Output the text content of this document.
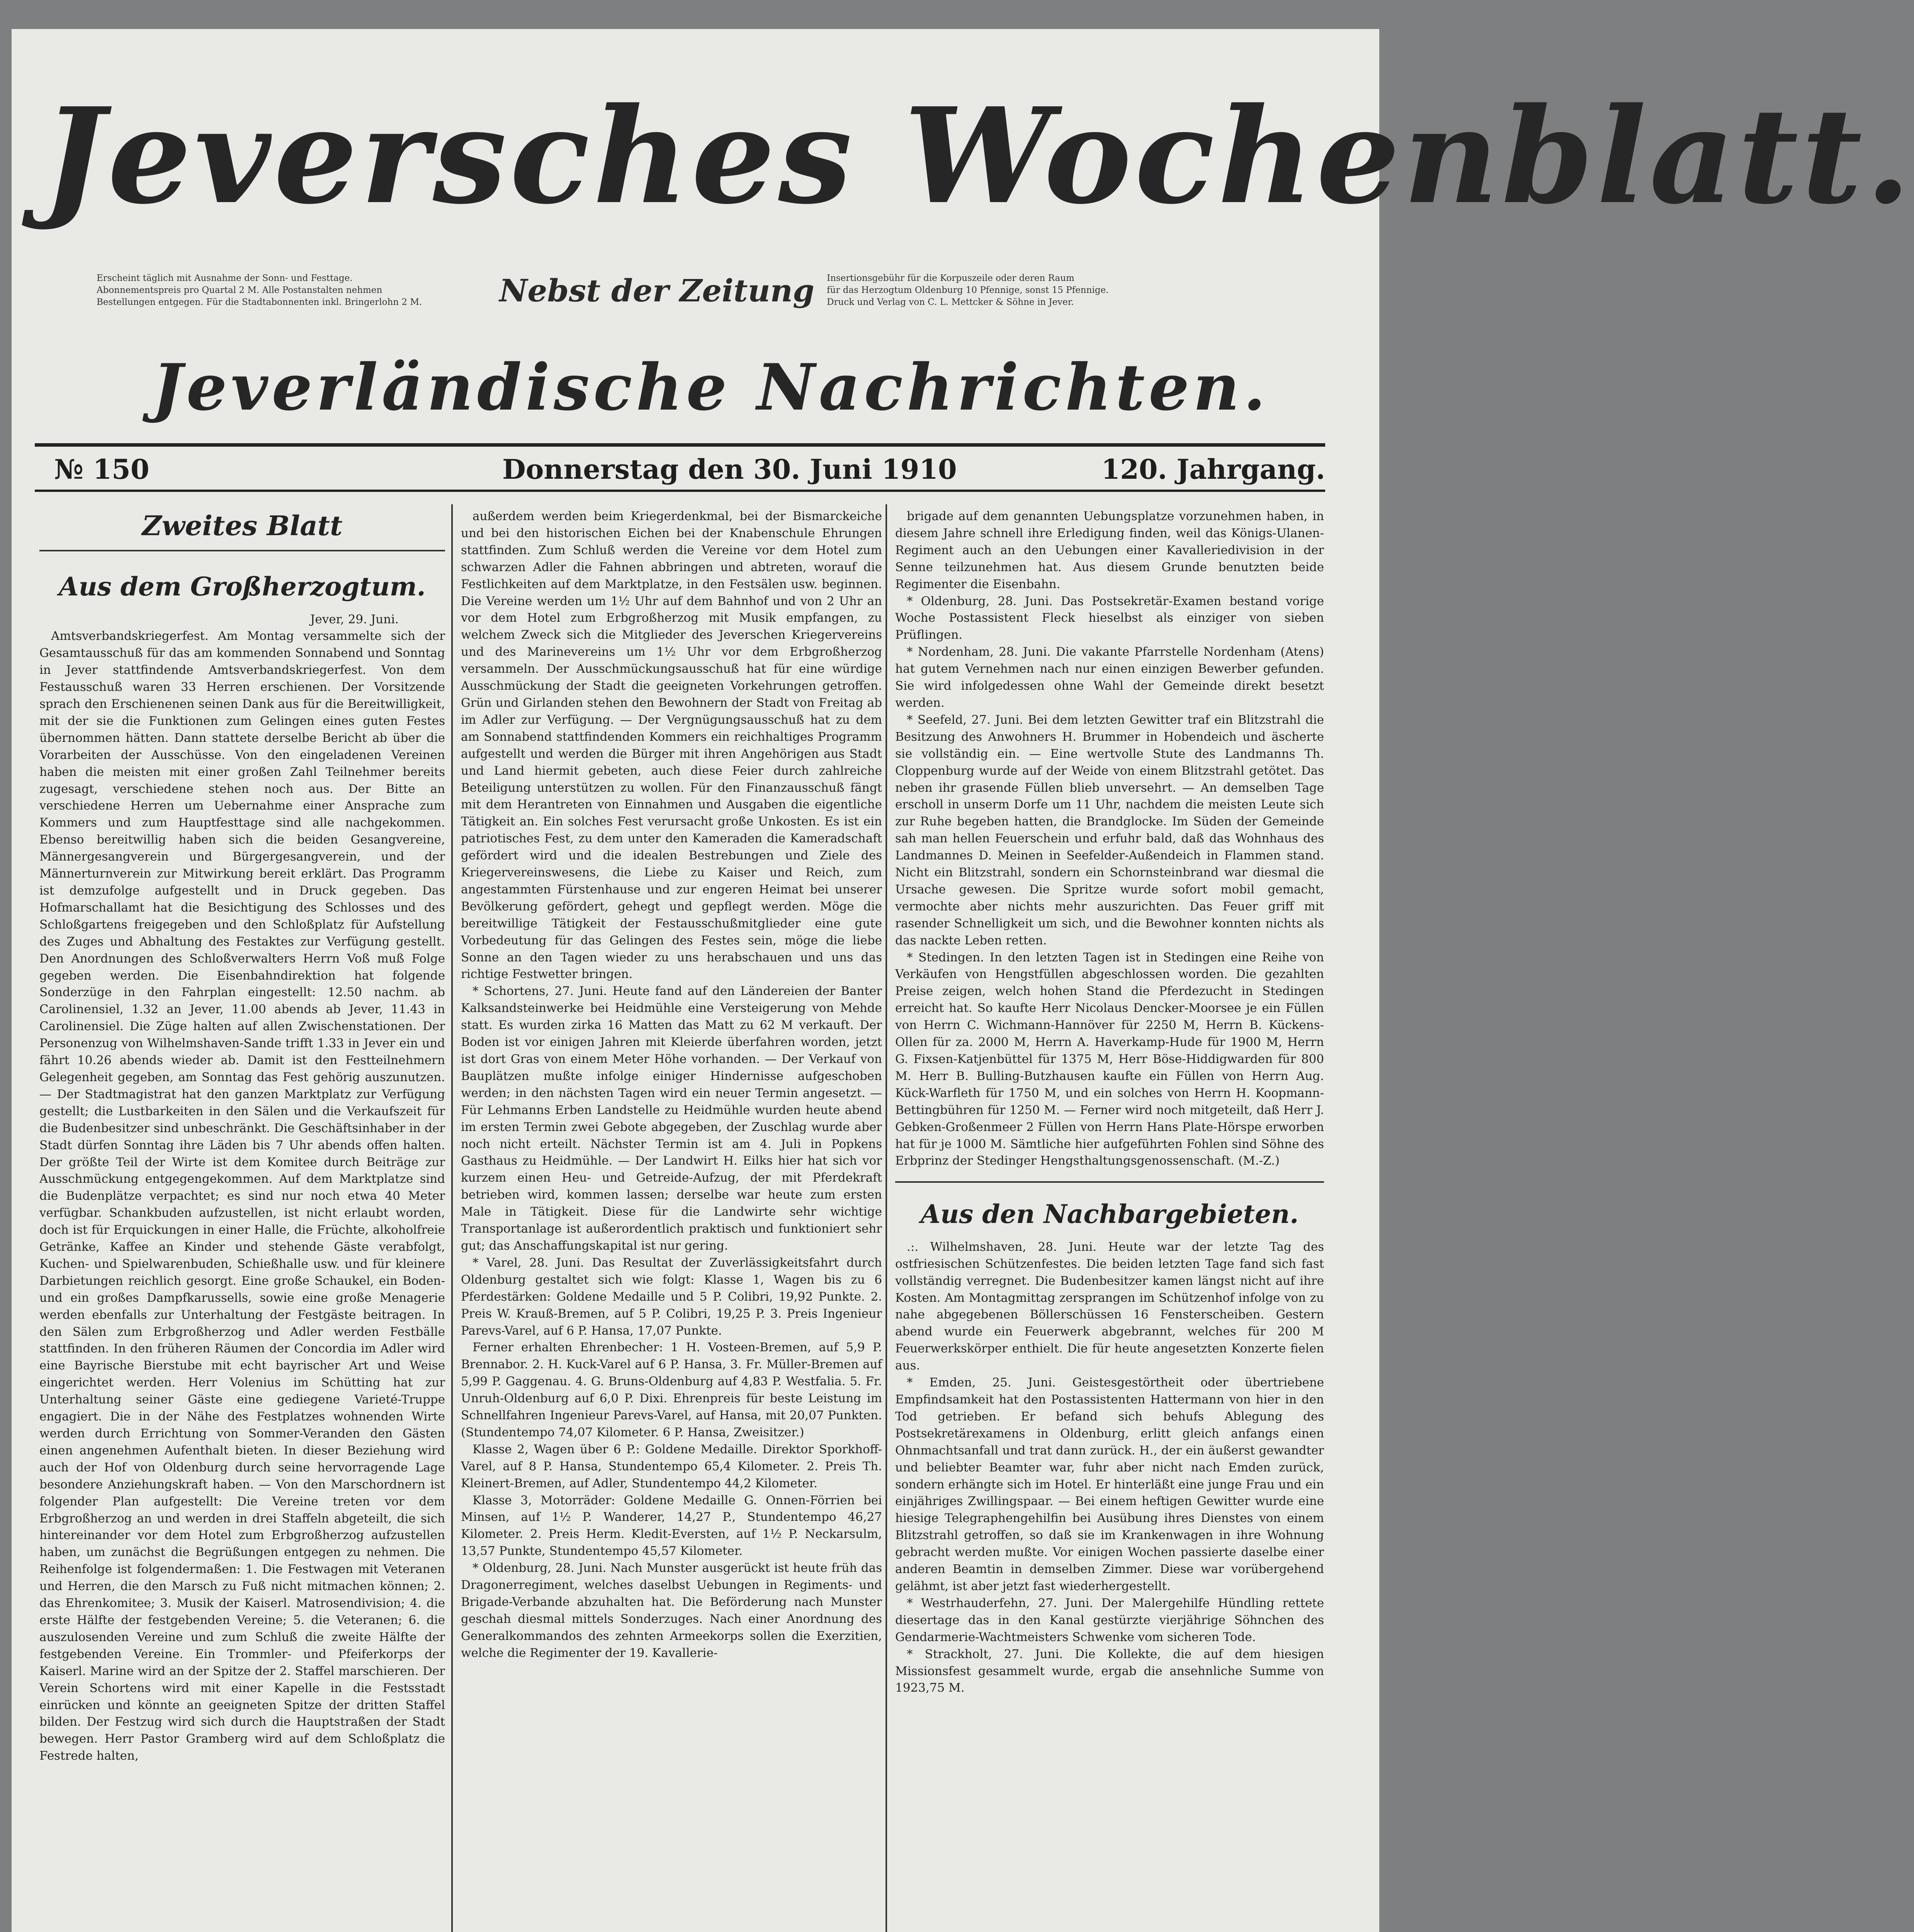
Jeversches Wochenblatt.
Erscheint täglich mit Ausnahme der Sonn- und Festtage.
Abonnementspreis pro Quartal 2 M. Alle Postanstalten nehmen
Bestellungen entgegen. Für die Stadtabonnenten inkl. Bringerlohn 2 M.	Nebst der Zeitung Insertionsgebühr für die Korpuszeile oder deren Raum
für das Herzogtum Oldenburg 10 Pfennige, sonst 15 Pfennige.
Druck und Verlag von C. L. Mettcker & Söhne in Jever.
Jeverländische Nachrichten.
№ 150	Donnerstag den 30. Juni 1910	120. Jahrgang.
Zweites Blatt
Aus dem Großherzogtum.

Jever, 29. Juni.

Amtsverbandskriegerfest. Am Montag versammelte sich der Gesamtausschuß für das am kommenden Sonnabend und Sonntag in Jever stattfindende Amtsverbandskriegerfest. Von dem Festausschuß waren 33 Herren erschienen. Der Vorsitzende sprach den Erschienenen seinen Dank aus für die Bereitwilligkeit, mit der sie die Funktionen zum Gelingen eines guten Festes übernommen hätten. Dann stattete derselbe Bericht ab über die Vorarbeiten der Ausschüsse. Von den eingeladenen Vereinen haben die meisten mit einer großen Zahl Teilnehmer bereits zugesagt, verschiedene stehen noch aus. Der Bitte an verschiedene Herren um Uebernahme einer Ansprache zum Kommers und zum Hauptfesttage sind alle nachgekommen. Ebenso bereitwillig haben sich die beiden Gesangvereine, Männergesangverein und Bürgergesangverein, und der Männerturnverein zur Mitwirkung bereit erklärt. Das Programm ist demzufolge aufgestellt und in Druck gegeben. Das Hofmarschallamt hat die Besichtigung des Schlosses und des Schloßgartens freigegeben und den Schloßplatz für Aufstellung des Zuges und Abhaltung des Festaktes zur Verfügung gestellt. Den Anordnungen des Schloßverwalters Herrn Voß muß Folge gegeben werden. Die Eisenbahndirektion hat folgende Sonderzüge in den Fahrplan eingestellt: 12.50 nachm. ab Carolinensiel, 1.32 an Jever, 11.00 abends ab Jever, 11.43 in Carolinensiel. Die Züge halten auf allen Zwischenstationen. Der Personenzug von Wilhelmshaven-Sande trifft 1.33 in Jever ein und fährt 10.26 abends wieder ab. Damit ist den Festteilnehmern Gelegenheit gegeben, am Sonntag das Fest gehörig auszunutzen. — Der Stadtmagistrat hat den ganzen Marktplatz zur Verfügung gestellt; die Lustbarkeiten in den Sälen und die Verkaufszeit für die Budenbesitzer sind unbeschränkt. Die Geschäftsinhaber in der Stadt dürfen Sonntag ihre Läden bis 7 Uhr abends offen halten. Der größte Teil der Wirte ist dem Komitee durch Beiträge zur Ausschmückung entgegengekommen. Auf dem Marktplatze sind die Budenplätze verpachtet; es sind nur noch etwa 40 Meter verfügbar. Schankbuden aufzustellen, ist nicht erlaubt worden, doch ist für Erquickungen in einer Halle, die Früchte, alkoholfreie Getränke, Kaffee an Kinder und stehende Gäste verabfolgt, Kuchen- und Spielwarenbuden, Schießhalle usw. und für kleinere Darbietungen reichlich gesorgt. Eine große Schaukel, ein Boden- und ein großes Dampfkarussells, sowie eine große Menagerie werden ebenfalls zur Unterhaltung der Festgäste beitragen. In den Sälen zum Erbgroßherzog und Adler werden Festbälle stattfinden. In den früheren Räumen der Concordia im Adler wird eine Bayrische Bierstube mit echt bayrischer Art und Weise eingerichtet werden. Herr Volenius im Schütting hat zur Unterhaltung seiner Gäste eine gediegene Varieté-Truppe engagiert. Die in der Nähe des Festplatzes wohnenden Wirte werden durch Errichtung von Sommer-Veranden den Gästen einen angenehmen Aufenthalt bieten. In dieser Beziehung wird auch der Hof von Oldenburg durch seine hervorragende Lage besondere Anziehungskraft haben. — Von den Marschordnern ist folgender Plan aufgestellt: Die Vereine treten vor dem Erbgroßherzog an und werden in drei Staffeln abgeteilt, die sich hintereinander vor dem Hotel zum Erbgroßherzog aufzustellen haben, um zunächst die Begrüßungen entgegen zu nehmen. Die Reihenfolge ist folgendermaßen: 1. Die Festwagen mit Veteranen und Herren, die den Marsch zu Fuß nicht mitmachen können; 2. das Ehrenkomitee; 3. Musik der Kaiserl. Matrosendivision; 4. die erste Hälfte der festgebenden Vereine; 5. die Veteranen; 6. die auszulosenden Vereine und zum Schluß die zweite Hälfte der festgebenden Vereine. Ein Trommler- und Pfeiferkorps der Kaiserl. Marine wird an der Spitze der 2. Staffel marschieren. Der Verein Schortens wird mit einer Kapelle in die Festsstadt einrücken und könnte an geeigneten Spitze der dritten Staffel bilden. Der Festzug wird sich durch die Hauptstraßen der Stadt bewegen. Herr Pastor Gramberg wird auf dem Schloßplatz die Festrede halten,

außerdem werden beim Kriegerdenkmal, bei der Bismarckeiche und bei den historischen Eichen bei der Knabenschule Ehrungen stattfinden. Zum Schluß werden die Vereine vor dem Hotel zum schwarzen Adler die Fahnen abbringen und abtreten, worauf die Festlichkeiten auf dem Marktplatze, in den Festsälen usw. beginnen. Die Vereine werden um 1½ Uhr auf dem Bahnhof und von 2 Uhr an vor dem Hotel zum Erbgroßherzog mit Musik empfangen, zu welchem Zweck sich die Mitglieder des Jeverschen Kriegervereins und des Marinevereins um 1½ Uhr vor dem Erbgroßherzog versammeln. Der Ausschmückungsausschuß hat für eine würdige Ausschmückung der Stadt die geeigneten Vorkehrungen getroffen. Grün und Girlanden stehen den Bewohnern der Stadt von Freitag ab im Adler zur Verfügung. — Der Vergnügungsausschuß hat zu dem am Sonnabend stattfindenden Kommers ein reichhaltiges Programm aufgestellt und werden die Bürger mit ihren Angehörigen aus Stadt und Land hiermit gebeten, auch diese Feier durch zahlreiche Beteiligung unterstützen zu wollen. Für den Finanzausschuß fängt mit dem Herantreten von Einnahmen und Ausgaben die eigentliche Tätigkeit an. Ein solches Fest verursacht große Unkosten. Es ist ein patriotisches Fest, zu dem unter den Kameraden die Kameradschaft gefördert wird und die idealen Bestrebungen und Ziele des Kriegervereinswesens, die Liebe zu Kaiser und Reich, zum angestammten Fürstenhause und zur engeren Heimat bei unserer Bevölkerung gefördert, gehegt und gepflegt werden. Möge die bereitwillige Tätigkeit der Festausschußmitglieder eine gute Vorbedeutung für das Gelingen des Festes sein, möge die liebe Sonne an den Tagen wieder zu uns herabschauen und uns das richtige Festwetter bringen.

* Schortens, 27. Juni. Heute fand auf den Ländereien der Banter Kalksandsteinwerke bei Heidmühle eine Versteigerung von Mehde statt. Es wurden zirka 16 Matten das Matt zu 62 M verkauft. Der Boden ist vor einigen Jahren mit Kleierde überfahren worden, jetzt ist dort Gras von einem Meter Höhe vorhanden. — Der Verkauf von Bauplätzen mußte infolge einiger Hindernisse aufgeschoben werden; in den nächsten Tagen wird ein neuer Termin angesetzt. — Für Lehmanns Erben Landstelle zu Heidmühle wurden heute abend im ersten Termin zwei Gebote abgegeben, der Zuschlag wurde aber noch nicht erteilt. Nächster Termin ist am 4. Juli in Popkens Gasthaus zu Heidmühle. — Der Landwirt H. Eilks hier hat sich vor kurzem einen Heu- und Getreide-Aufzug, der mit Pferdekraft betrieben wird, kommen lassen; derselbe war heute zum ersten Male in Tätigkeit. Diese für die Landwirte sehr wichtige Transportanlage ist außerordentlich praktisch und funktioniert sehr gut; das Anschaffungskapital ist nur gering.

* Varel, 28. Juni. Das Resultat der Zuverlässigkeitsfahrt durch Oldenburg gestaltet sich wie folgt: Klasse 1, Wagen bis zu 6 Pferdestärken: Goldene Medaille und 5 P. Colibri, 19,92 Punkte. 2. Preis W. Krauß-Bremen, auf 5 P. Colibri, 19,25 P. 3. Preis Ingenieur Parevs-Varel, auf 6 P. Hansa, 17,07 Punkte.

Ferner erhalten Ehrenbecher: 1 H. Vosteen-Bremen, auf 5,9 P. Brennabor. 2. H. Kuck-Varel auf 6 P. Hansa, 3. Fr. Müller-Bremen auf 5,99 P. Gaggenau. 4. G. Bruns-Oldenburg auf 4,83 P. Westfalia. 5. Fr. Unruh-Oldenburg auf 6,0 P. Dixi. Ehrenpreis für beste Leistung im Schnellfahren Ingenieur Parevs-Varel, auf Hansa, mit 20,07 Punkten. (Stundentempo 74,07 Kilometer. 6 P. Hansa, Zweisitzer.)

Klasse 2, Wagen über 6 P.: Goldene Medaille. Direktor Sporkhoff-Varel, auf 8 P. Hansa, Stundentempo 65,4 Kilometer. 2. Preis Th. Kleinert-Bremen, auf Adler, Stundentempo 44,2 Kilometer.

Klasse 3, Motorräder: Goldene Medaille G. Onnen-Förrien bei Minsen, auf 1½ P. Wanderer, 14,27 P., Stundentempo 46,27 Kilometer. 2. Preis Herm. Kledit-Eversten, auf 1½ P. Neckarsulm, 13,57 Punkte, Stundentempo 45,57 Kilometer.

* Oldenburg, 28. Juni. Nach Munster ausgerückt ist heute früh das Dragonerregiment, welches daselbst Uebungen in Regiments- und Brigade-Verbande abzuhalten hat. Die Beförderung nach Munster geschah diesmal mittels Sonderzuges. Nach einer Anordnung des Generalkommandos des zehnten Armeekorps sollen die Exerzitien, welche die Regimenter der 19. Kavallerie-

brigade auf dem genannten Uebungsplatze vorzunehmen haben, in diesem Jahre schnell ihre Erledigung finden, weil das Königs-Ulanen-Regiment auch an den Uebungen einer Kavalleriedivision in der Senne teilzunehmen hat. Aus diesem Grunde benutzten beide Regimenter die Eisenbahn.

* Oldenburg, 28. Juni. Das Postsekretär-Examen bestand vorige Woche Postassistent Fleck hieselbst als einziger von sieben Prüflingen.

* Nordenham, 28. Juni. Die vakante Pfarrstelle Nordenham (Atens) hat gutem Vernehmen nach nur einen einzigen Bewerber gefunden. Sie wird infolgedessen ohne Wahl der Gemeinde direkt besetzt werden.

* Seefeld, 27. Juni. Bei dem letzten Gewitter traf ein Blitzstrahl die Besitzung des Anwohners H. Brummer in Hobendeich und äscherte sie vollständig ein. — Eine wertvolle Stute des Landmanns Th. Cloppenburg wurde auf der Weide von einem Blitzstrahl getötet. Das neben ihr grasende Füllen blieb unversehrt. — An demselben Tage erscholl in unserm Dorfe um 11 Uhr, nachdem die meisten Leute sich zur Ruhe begeben hatten, die Brandglocke. Im Süden der Gemeinde sah man hellen Feuerschein und erfuhr bald, daß das Wohnhaus des Landmannes D. Meinen in Seefelder-Außendeich in Flammen stand. Nicht ein Blitzstrahl, sondern ein Schornsteinbrand war diesmal die Ursache gewesen. Die Spritze wurde sofort mobil gemacht, vermochte aber nichts mehr auszurichten. Das Feuer griff mit rasender Schnelligkeit um sich, und die Bewohner konnten nichts als das nackte Leben retten.

* Stedingen. In den letzten Tagen ist in Stedingen eine Reihe von Verkäufen von Hengstfüllen abgeschlossen worden. Die gezahlten Preise zeigen, welch hohen Stand die Pferdezucht in Stedingen erreicht hat. So kaufte Herr Nicolaus Dencker-Moorsee je ein Füllen von Herrn C. Wichmann-Hannöver für 2250 M, Herrn B. Kückens-Ollen für za. 2000 M, Herrn A. Haverkamp-Hude für 1900 M, Herrn G. Fixsen-Katjenbüttel für 1375 M, Herr Böse-Hiddigwarden für 800 M. Herr B. Bulling-Butzhausen kaufte ein Füllen von Herrn Aug. Kück-Warfleth für 1750 M, und ein solches von Herrn H. Koopmann-Bettingbühren für 1250 M. — Ferner wird noch mitgeteilt, daß Herr J. Gebken-Großenmeer 2 Füllen von Herrn Hans Plate-Hörspe erworben hat für je 1000 M. Sämtliche hier aufgeführten Fohlen sind Söhne des Erbprinz der Stedinger Hengsthaltungsgenossenschaft. (M.-Z.)

Aus den Nachbargebieten.

.:. Wilhelmshaven, 28. Juni. Heute war der letzte Tag des ostfriesischen Schützenfestes. Die beiden letzten Tage fand sich fast vollständig verregnet. Die Budenbesitzer kamen längst nicht auf ihre Kosten. Am Montagmittag zersprangen im Schützenhof infolge von zu nahe abgegebenen Böllerschüssen 16 Fensterscheiben. Gestern abend wurde ein Feuerwerk abgebrannt, welches für 200 M Feuerwerkskörper enthielt. Die für heute angesetzten Konzerte fielen aus.

* Emden, 25. Juni. Geistesgestörtheit oder übertriebene Empfindsamkeit hat den Postassistenten Hattermann von hier in den Tod getrieben. Er befand sich behufs Ablegung des Postsekretärexamens in Oldenburg, erlitt gleich anfangs einen Ohnmachtsanfall und trat dann zurück. H., der ein äußerst gewandter und beliebter Beamter war, fuhr aber nicht nach Emden zurück, sondern erhängte sich im Hotel. Er hinterläßt eine junge Frau und ein einjähriges Zwillingspaar. — Bei einem heftigen Gewitter wurde eine hiesige Telegraphengehilfin bei Ausübung ihres Dienstes von einem Blitzstrahl getroffen, so daß sie im Krankenwagen in ihre Wohnung gebracht werden mußte. Vor einigen Wochen passierte daselbe einer anderen Beamtin in demselben Zimmer. Diese war vorübergehend gelähmt, ist aber jetzt fast wiederhergestellt.

* Westrhauderfehn, 27. Juni. Der Malergehilfe Hündling rettete diesertage das in den Kanal gestürzte vierjährige Söhnchen des Gendarmerie-Wachtmeisters Schwenke vom sicheren Tode.

* Strackholt, 27. Juni. Die Kollekte, die auf dem hiesigen Missionsfest gesammelt wurde, ergab die ansehnliche Summe von 1923,75 M.
